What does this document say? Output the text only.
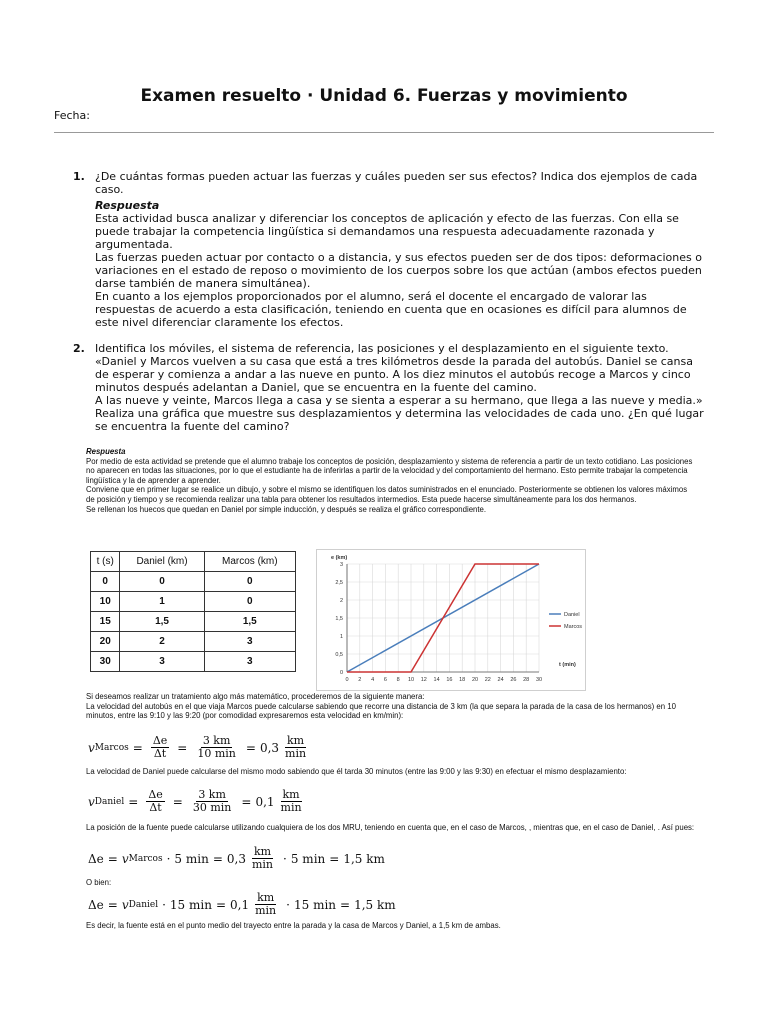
Examen resuelto · Unidad 6. Fuerzas y movimiento
Fecha:
1. ¿De cuántas formas pueden actuar las fuerzas y cuáles pueden ser sus efectos? Indica dos ejemplos de cada caso.

Respuesta

Esta actividad busca analizar y diferenciar los conceptos de aplicación y efecto de las fuerzas. Con ella se puede trabajar la competencia lingüística si demandamos una respuesta adecuadamente razonada y argumentada.

Las fuerzas pueden actuar por contacto o a distancia, y sus efectos pueden ser de dos tipos: deformaciones o variaciones en el estado de reposo o movimiento de los cuerpos sobre los que actúan (ambos efectos pueden darse también de manera simultánea).

En cuanto a los ejemplos proporcionados por el alumno, será el docente el encargado de valorar las respuestas de acuerdo a esta clasificación, teniendo en cuenta que en ocasiones es difícil para alumnos de este nivel diferenciar claramente los efectos.

2. Identifica los móviles, el sistema de referencia, las posiciones y el desplazamiento en el siguiente texto.

«Daniel y Marcos vuelven a su casa que está a tres kilómetros desde la parada del autobús. Daniel se cansa de esperar y comienza a andar a las nueve en punto. A los diez minutos el autobús recoge a Marcos y cinco minutos después adelantan a Daniel, que se encuentra en la fuente del camino.

A las nueve y veinte, Marcos llega a casa y se sienta a esperar a su hermano, que llega a las nueve y media.»

Realiza una gráfica que muestre sus desplazamientos y determina las velocidades de cada uno. ¿En qué lugar se encuentra la fuente del camino?

Respuesta

Por medio de esta actividad se pretende que el alumno trabaje los conceptos de posición, desplazamiento y sistema de referencia a partir de un texto cotidiano. Las posiciones no aparecen en todas las situaciones, por lo que el estudiante ha de inferirlas a partir de la velocidad y del comportamiento del hermano. Esto permite trabajar la competencia lingüística y la de aprender a aprender.

Conviene que en primer lugar se realice un dibujo, y sobre el mismo se identifiquen los datos suministrados en el enunciado. Posteriormente se obtienen los valores máximos de posición y tiempo y se recomienda realizar una tabla para obtener los resultados intermedios. Esta puede hacerse simultáneamente para los dos hermanos.

Se rellenan los huecos que quedan en Daniel por simple inducción, y después se realiza el gráfico correspondiente.

t (s)	Daniel (km)	Marcos (km)
0	0	0
10	1	0
15	1,5	1,5
20	2	3
30	3	3
0 2 4 6 8 10 12 14 16 18 20 22 24 26 28 30
0
0,5
1
1,5
2
2,5
3
e (km)
t (min)
Daniel
Marcos

Si deseamos realizar un tratamiento algo más matemático, procederemos de la siguiente manera:

La velocidad del autobús en el que viaja Marcos puede calcularse sabiendo que recorre una distancia de 3 km (la que separa la parada de la casa de los hermanos) en 10 minutos, entre las 9:10 y las 9:20 (por comodidad expresaremos esta velocidad en km/min):

v $Marcos = \frac{\Delta e}{\Delta t} = \frac{3 km}{10 \min} = 0,3 \frac{km}{\min}$

La velocidad de Daniel puede calcularse del mismo modo sabiendo que él tarda 30 minutos (entre las 9:00 y las 9:30) en efectuar el mismo desplazamiento:

v Daniel = $\frac{\Delta e}{\Delta t} = \frac{3 km}{30 \min} = 0,1 \frac{km}{\min}$

La posición de la fuente puede calcularse utilizando cualquiera de los dos MRU, teniendo en cuenta que, en el caso de Marcos, , mientras que, en el caso de Daniel, . Así pues:

Δe = v Marcos · 5 $\min = 0,3 \frac{km}{\min} \cdot 5$ min = 1,5 km

O bien:

Δe = v Daniel · 15 $\min = 0,1 \frac{km}{\min} \cdot 15$ min = 1,5 km

Es decir, la fuente está en el punto medio del trayecto entre la parada y la casa de Marcos y Daniel, a 1,5 km de ambas.
